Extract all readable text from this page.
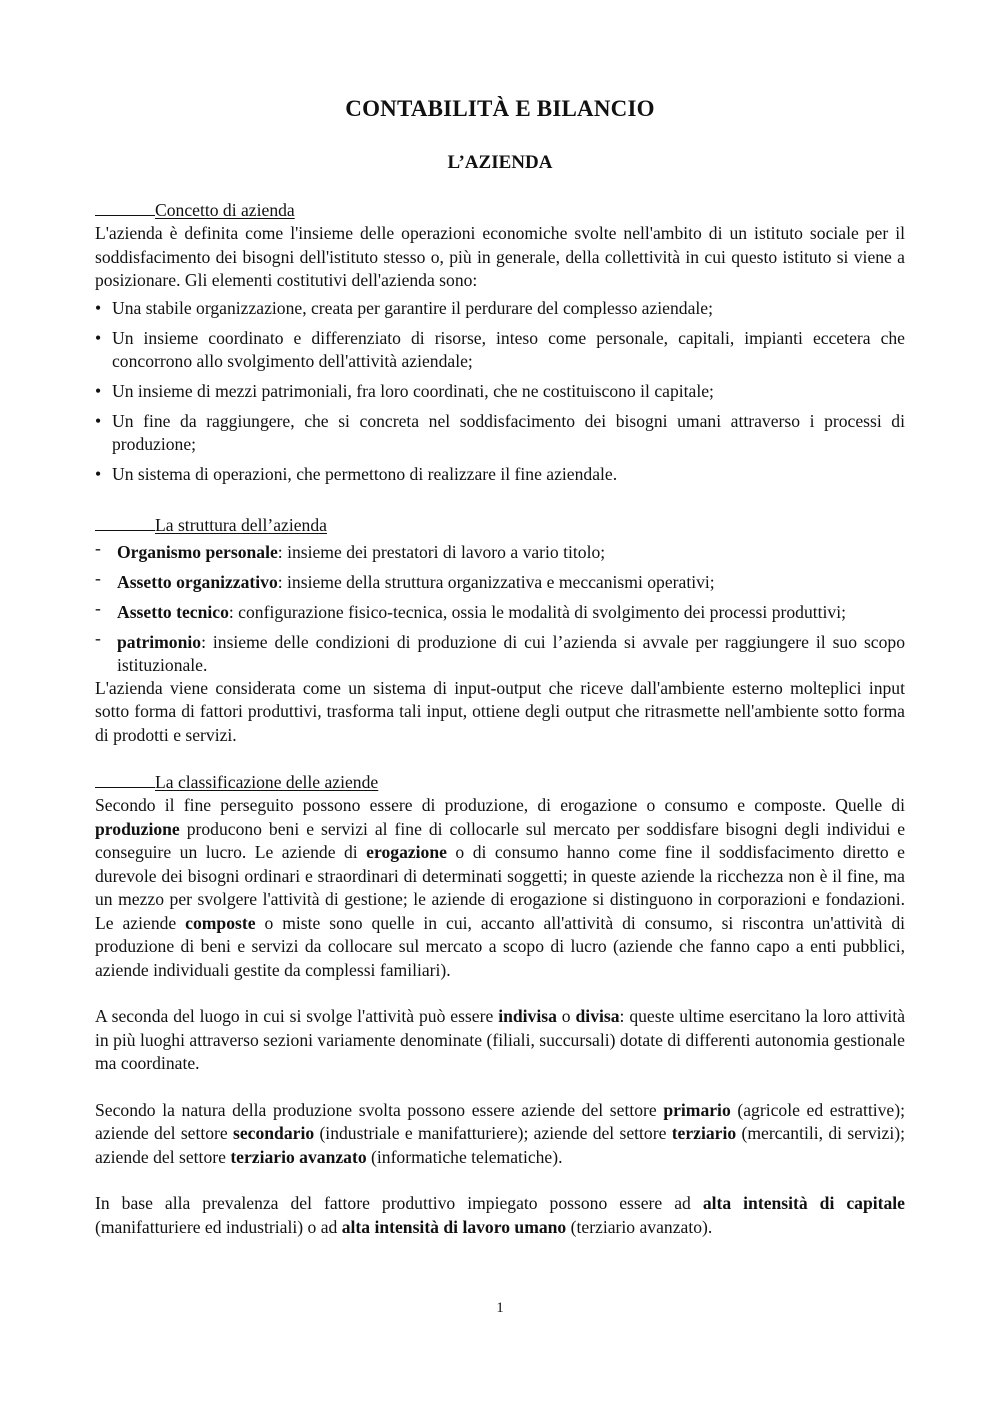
CONTABILITÀ E BILANCIO
L’AZIENDA
Concetto di azienda

L'azienda è definita come l'insieme delle operazioni economiche svolte nell'ambito di un istituto sociale per il soddisfacimento dei bisogni dell'istituto stesso o, più in generale, della collettività in cui questo istituto si viene a posizionare. Gli elementi costitutivi dell'azienda sono:

• Una stabile organizzazione, creata per garantire il perdurare del complesso aziendale;
• Un insieme coordinato e differenziato di risorse, inteso come personale, capitali, impianti eccetera che concorrono allo svolgimento dell'attività aziendale;
• Un insieme di mezzi patrimoniali, fra loro coordinati, che ne costituiscono il capitale;
• Un fine da raggiungere, che si concreta nel soddisfacimento dei bisogni umani attraverso i processi di produzione;
• Un sistema di operazioni, che permettono di realizzare il fine aziendale.
La struttura dell’azienda
- Organismo personale: insieme dei prestatori di lavoro a vario titolo;
- Assetto organizzativo: insieme della struttura organizzativa e meccanismi operativi;
- Assetto tecnico: configurazione fisico-tecnica, ossia le modalità di svolgimento dei processi produttivi;
- patrimonio: insieme delle condizioni di produzione di cui l’azienda si avvale per raggiungere il suo scopo istituzionale.

L'azienda viene considerata come un sistema di input-output che riceve dall'ambiente esterno molteplici input sotto forma di fattori produttivi, trasforma tali input, ottiene degli output che ritrasmette nell'ambiente sotto forma di prodotti e servizi.

La classificazione delle aziende

Secondo il fine perseguito possono essere di produzione, di erogazione o consumo e composte. Quelle di produzione producono beni e servizi al fine di collocarle sul mercato per soddisfare bisogni degli individui e conseguire un lucro. Le aziende di erogazione o di consumo hanno come fine il soddisfacimento diretto e durevole dei bisogni ordinari e straordinari di determinati soggetti; in queste aziende la ricchezza non è il fine, ma un mezzo per svolgere l'attività di gestione; le aziende di erogazione si distinguono in corporazioni e fondazioni. Le aziende composte o miste sono quelle in cui, accanto all'attività di consumo, si riscontra un'attività di produzione di beni e servizi da collocare sul mercato a scopo di lucro (aziende che fanno capo a enti pubblici, aziende individuali gestite da complessi familiari).

A seconda del luogo in cui si svolge l'attività può essere indivisa o divisa: queste ultime esercitano la loro attività in più luoghi attraverso sezioni variamente denominate (filiali, succursali) dotate di differenti autonomia gestionale ma coordinate.

Secondo la natura della produzione svolta possono essere aziende del settore primario (agricole ed estrattive); aziende del settore secondario (industriale e manifatturiere); aziende del settore terziario (mercantili, di servizi); aziende del settore terziario avanzato (informatiche telematiche).

In base alla prevalenza del fattore produttivo impiegato possono essere ad alta intensità di capitale (manifatturiere ed industriali) o ad alta intensità di lavoro umano (terziario avanzato).

1
